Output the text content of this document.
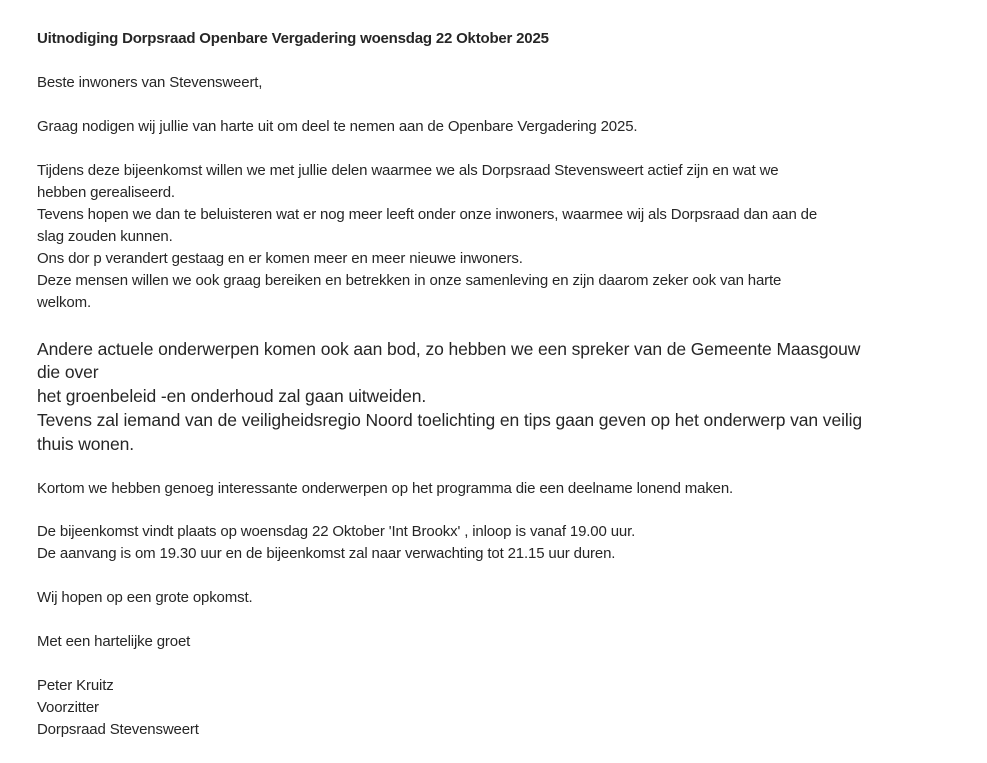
Uitnodiging Dorpsraad Openbare Vergadering woensdag 22 Oktober 2025
Beste inwoners van Stevensweert,
Graag nodigen wij jullie van harte uit om deel te nemen aan de Openbare Vergadering 2025.
Tijdens deze bijeenkomst willen we met jullie delen waarmee we als Dorpsraad Stevensweert actief zijn en wat we
hebben gerealiseerd.
Tevens hopen we dan te beluisteren wat er nog meer leeft onder onze inwoners, waarmee wij als Dorpsraad dan aan de
slag zouden kunnen.
Ons dor p verandert gestaag en er komen meer en meer nieuwe inwoners.
Deze mensen willen we ook graag bereiken en betrekken in onze samenleving en zijn daarom zeker ook van harte
welkom.
Andere actuele onderwerpen komen ook aan bod, zo hebben we een spreker van de Gemeente Maasgouw
die over
het groenbeleid -en onderhoud zal gaan uitweiden.
Tevens zal iemand van de veiligheidsregio Noord toelichting en tips gaan geven op het onderwerp van veilig
thuis wonen.
Kortom we hebben genoeg interessante onderwerpen op het programma die een deelname lonend maken.
De bijeenkomst vindt plaats op woensdag 22 Oktober 'Int Brookx' , inloop is vanaf 19.00 uur.
De aanvang is om 19.30 uur en de bijeenkomst zal naar verwachting tot 21.15 uur duren.
Wij hopen op een grote opkomst.
Met een hartelijke groet
Peter Kruitz
Voorzitter
Dorpsraad Stevensweert
